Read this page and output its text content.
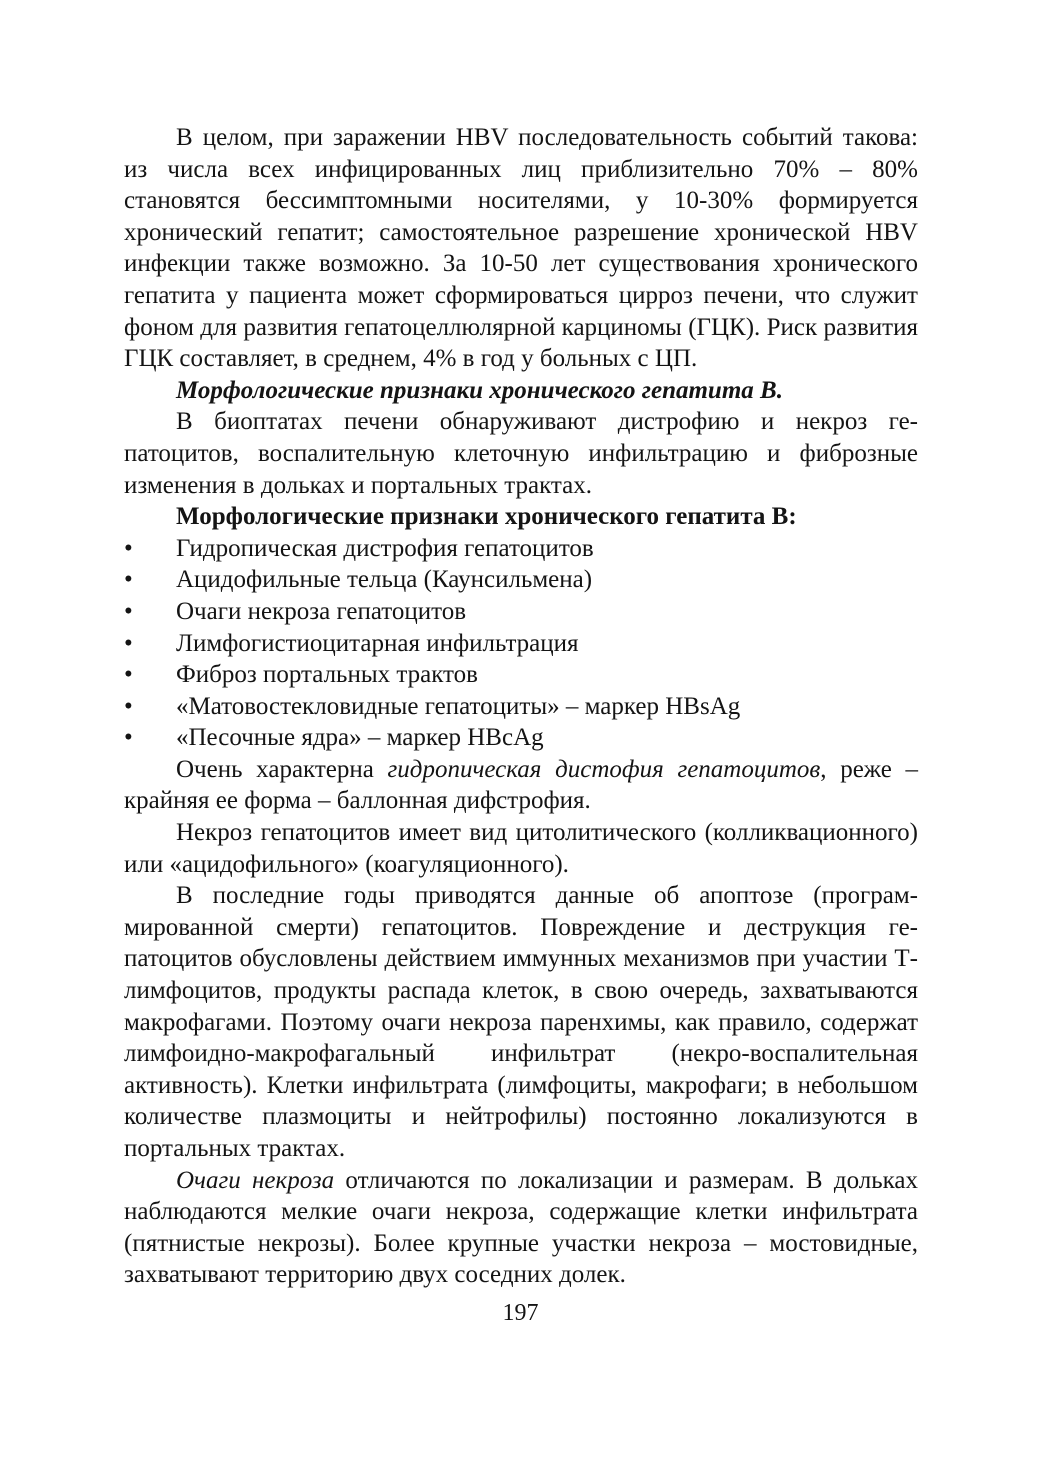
В целом, при заражении HBV последовательность событий такова: из числа всех инфицированных лиц приблизительно 70% – 80% становятся бессимптомными носителями, у 10-30% формируется хронический гепатит; самостоятельное разрешение хронической HBV инфекции также возможно. За 10-50 лет существования хронического гепатита у пациента может сформироваться цирроз печени, что служит фоном для развития гепатоцеллюлярной карциномы (ГЦК). Риск развития ГЦК составляет, в среднем, 4% в год у больных с ЦП.

Морфологические признаки хронического гепатита В.

В биоптатах печени обнаруживают дистрофию и некроз гепатоцитов, воспалительную клеточную инфильтрацию и фиброзные изменения в дольках и портальных трактах.

Морфологические признаки хронического гепатита В:

• Гидропическая дистрофия гепатоцитов
• Ацидофильные тельца (Каунсильмена)
• Очаги некроза гепатоцитов
• Лимфогистиоцитарная инфильтрация
• Фиброз портальных трактов
• «Матовостекловидные гепатоциты» – маркер HBsAg
• «Песочные ядра» – маркер HBcAg

Очень характерна гидропическая дистофия гепатоцитов, реже – крайняя ее форма – баллонная дифстрофия.

Некроз гепатоцитов имеет вид цитолитического (колликвационного) или «ацидофильного» (коагуляционного).

В последние годы приводятся данные об апоптозе (программированной смерти) гепатоцитов. Повреждение и деструкция гепатоцитов обусловлены действием иммунных механизмов при участии Т-лимфоцитов, продукты распада клеток, в свою очередь, захватываются макрофагами. Поэтому очаги некроза паренхимы, как правило, содержат лимфоидно-макрофагальный инфильтрат (некро-воспалительная активность). Клетки инфильтрата (лимфоциты, макрофаги; в небольшом количестве плазмоциты и нейтрофилы) постоянно локализуются в портальных трактах.

Очаги некроза отличаются по локализации и размерам. В дольках наблюдаются мелкие очаги некроза, содержащие клетки инфильтрата (пятнистые некрозы). Более крупные участки некроза – мостовидные, захватывают территорию двух соседних долек.

197
